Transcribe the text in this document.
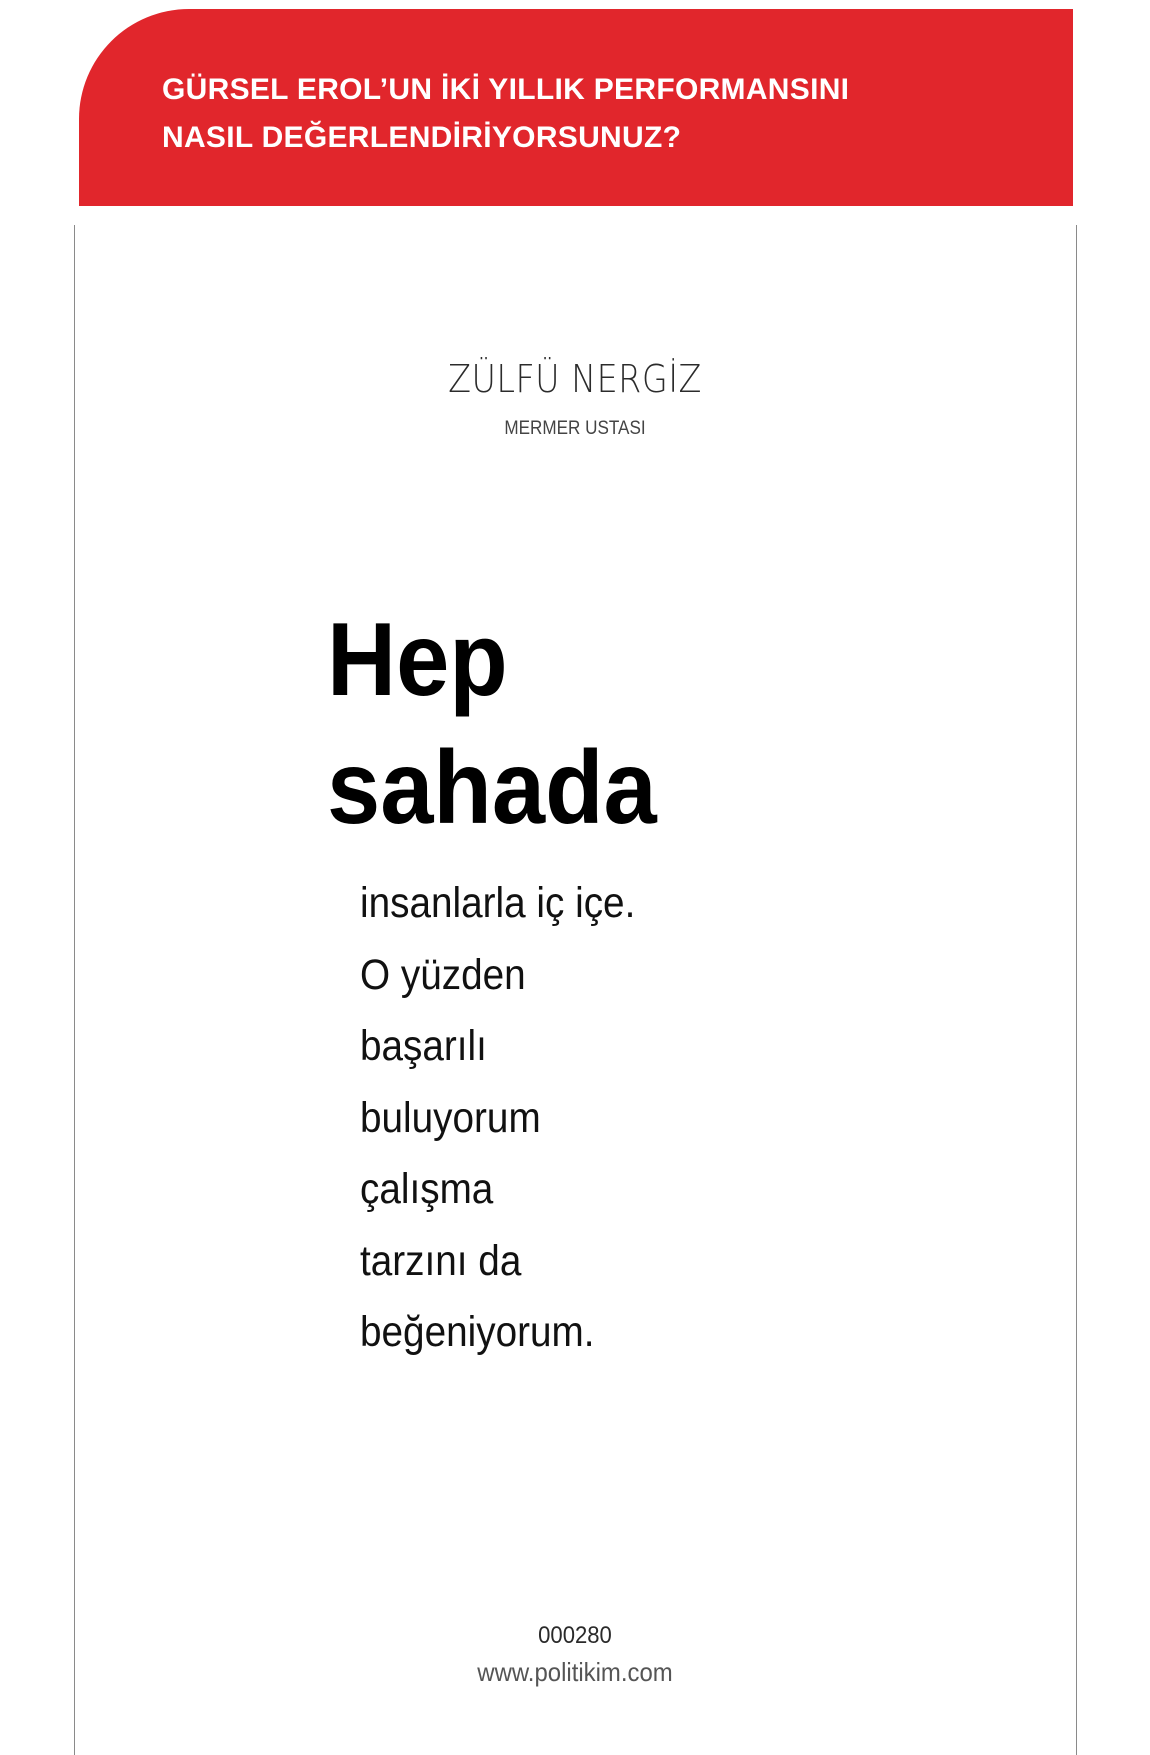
GÜRSEL EROL’UN İKİ YILLIK PERFORMANSINI
NASIL DEĞERLENDİRİYORSUNUZ?
ZÜLFÜ NERGİZ
MERMER USTASI
Hep
sahada

insanlarla iç içe.
O yüzden
başarılı
buluyorum
çalışma
tarzını da
beğeniyorum.

000280
www.politikim.com
